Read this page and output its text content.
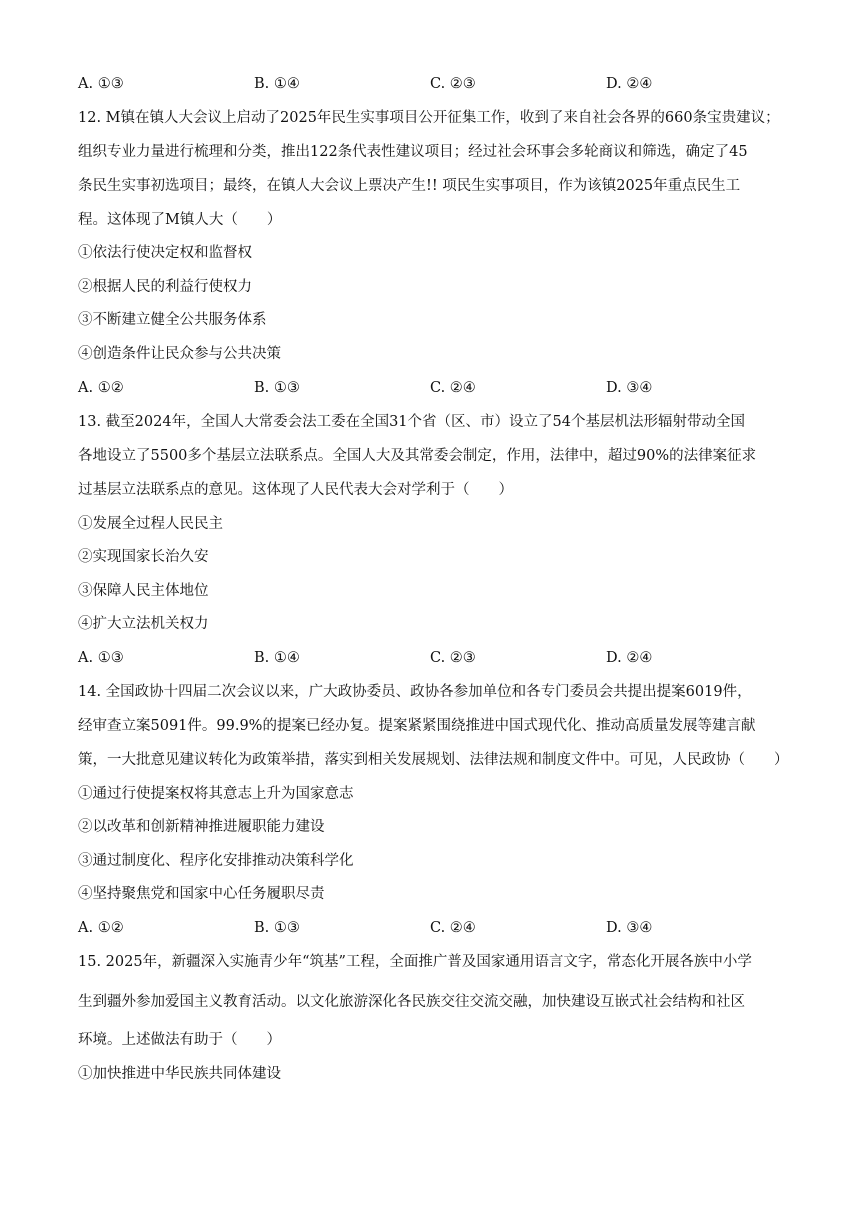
A. ①③	B. ①④	C. ②③	D. ②④
12. M镇在镇人大会议上启动了2025年民生实事项目公开征集工作，收到了来自社会各界的660条宝贵建议；
组织专业力量进行梳理和分类，推出122条代表性建议项目；经过社会环事会多轮商议和筛选，确定了45
条民生实事初选项目；最终，在镇人大会议上票决产生!! 项民生实事项目，作为该镇2025年重点民生工
程。这体现了M镇人大（　　）
①依法行使决定权和监督权
②根据人民的利益行使权力
③不断建立健全公共服务体系
④创造条件让民众参与公共决策
A. ①②	B. ①③	C. ②④	D. ③④
13. 截至2024年，全国人大常委会法工委在全国31个省（区、市）设立了54个基层机法形辐射带动全国
各地设立了5500多个基层立法联系点。全国人大及其常委会制定，作用，法律中，超过90%的法律案征求
过基层立法联系点的意见。这体现了人民代表大会对学利于（　　）
①发展全过程人民民主
②实现国家长治久安
③保障人民主体地位
④扩大立法机关权力
A. ①③	B. ①④	C. ②③	D. ②④
14. 全国政协十四届二次会议以来，广大政协委员、政协各参加单位和各专门委员会共提出提案6019件，
经审查立案5091件。99.9%的提案已经办复。提案紧紧围绕推进中国式现代化、推动高质量发展等建言献
策，一大批意见建议转化为政策举措，落实到相关发展规划、法律法规和制度文件中。可见，人民政协（　　）
①通过行使提案权将其意志上升为国家意志
②以改革和创新精神推进履职能力建设
③通过制度化、程序化安排推动决策科学化
④坚持聚焦党和国家中心任务履职尽责
A. ①②	B. ①③	C. ②④	D. ③④
15. 2025年，新疆深入实施青少年“筑基”工程，全面推广普及国家通用语言文字，常态化开展各族中小学
生到疆外参加爱国主义教育活动。以文化旅游深化各民族交往交流交融，加快建设互嵌式社会结构和社区
环境。上述做法有助于（　　）
①加快推进中华民族共同体建设
